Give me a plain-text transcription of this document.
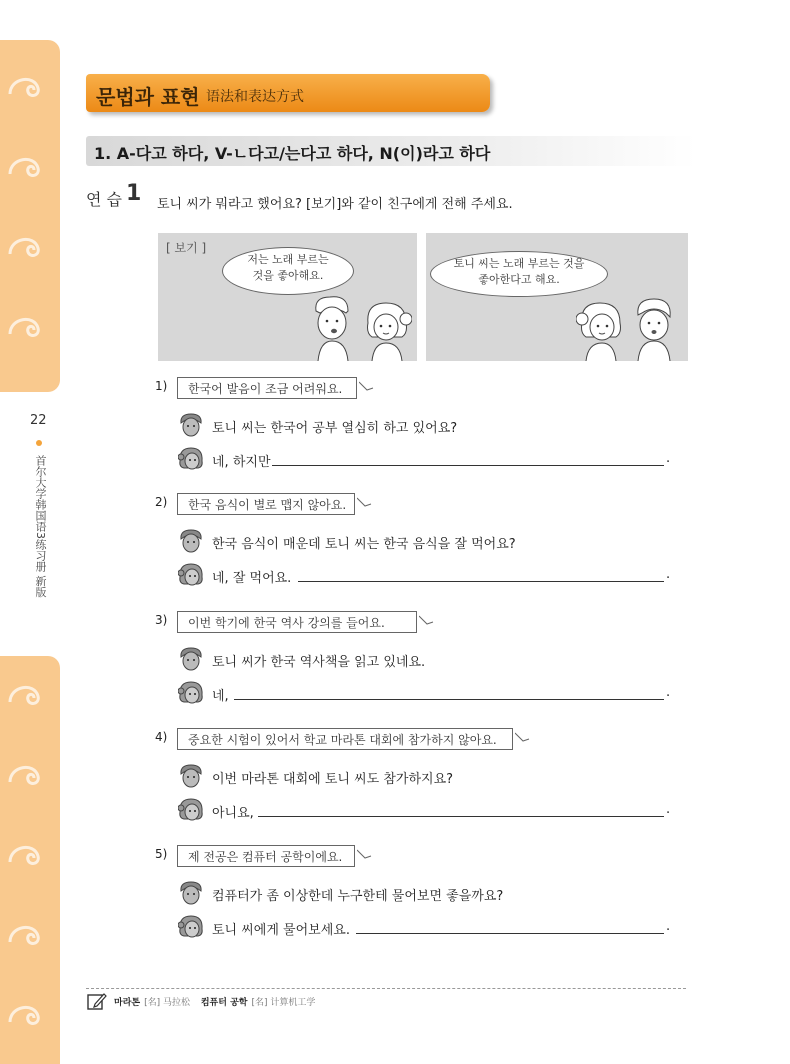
22
首尔大学韩国语3练习册 新版
문법과 표현 语法和表达方式
1. A-다고 하다, V-ㄴ다고/는다고 하다, N(이)라고 하다
연 습 1 토니 씨가 뭐라고 했어요? [보기]와 같이 친구에게 전해 주세요.
[ 보기 ]
저는 노래 부르는
것을 좋아해요.
토니 씨는 노래 부르는 것을
좋아한다고 해요.
1)	한국어 발음이 조금 어려워요.
토니 씨는 한국어 공부 열심히 하고 있어요?
네, 하지만	.
2)	한국 음식이 별로 맵지 않아요.
한국 음식이 매운데 토니 씨는 한국 음식을 잘 먹어요?
네, 잘 먹어요.	.
3)	이번 학기에 한국 역사 강의를 들어요.
토니 씨가 한국 역사책을 읽고 있네요.
네,	.
4)	중요한 시험이 있어서 학교 마라톤 대회에 참가하지 않아요.
이번 마라톤 대회에 토니 씨도 참가하지요?
아니요,	.
5)	제 전공은 컴퓨터 공학이에요.
컴퓨터가 좀 이상한데 누구한테 물어보면 좋을까요?
토니 씨에게 물어보세요.	.
마라톤 [名] 马拉松 컴퓨터 공학 [名] 计算机工学
